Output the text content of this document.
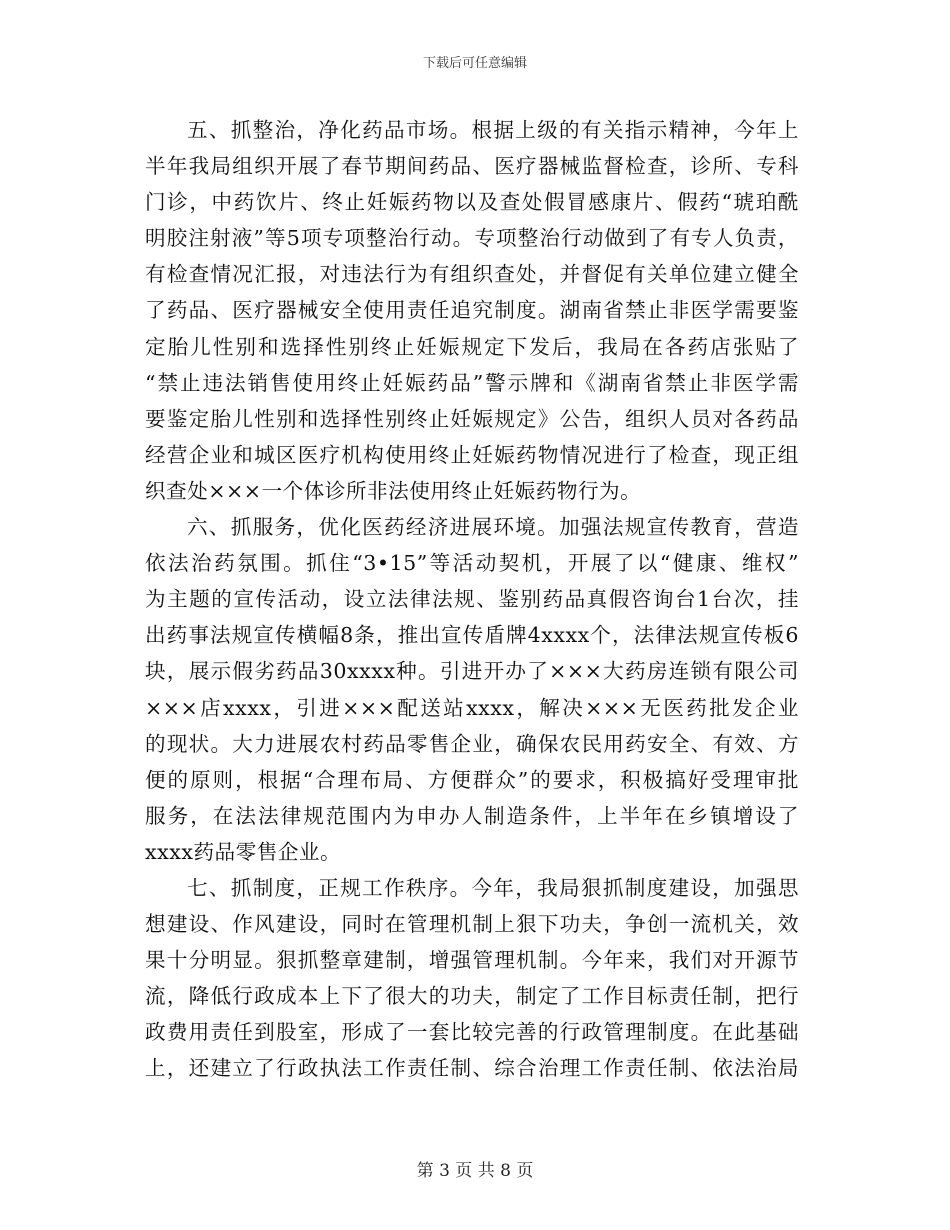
下载后可任意编辑
五、抓整治，净化药品市场。根据上级的有关指示精神，今年上
半年我局组织开展了春节期间药品、医疗器械监督检查，诊所、专科
门诊，中药饮片、终止妊娠药物以及查处假冒感康片、假药“琥珀酰
明胶注射液”等5项专项整治行动。专项整治行动做到了有专人负责，
有检查情况汇报，对违法行为有组织查处，并督促有关单位建立健全
了药品、医疗器械安全使用责任追究制度。湖南省禁止非医学需要鉴
定胎儿性别和选择性别终止妊娠规定下发后，我局在各药店张贴了
“禁止违法销售使用终止妊娠药品”警示牌和《湖南省禁止非医学需
要鉴定胎儿性别和选择性别终止妊娠规定》公告，组织人员对各药品
经营企业和城区医疗机构使用终止妊娠药物情况进行了检查，现正组
织查处×××一个体诊所非法使用终止妊娠药物行为。
六、抓服务，优化医药经济进展环境。加强法规宣传教育，营造
依法治药氛围。抓住“3•15”等活动契机，开展了以“健康、维权”
为主题的宣传活动，设立法律法规、鉴别药品真假咨询台1台次，挂
出药事法规宣传横幅8条，推出宣传盾牌4xxxx个，法律法规宣传板6
块，展示假劣药品30xxxx种。引进开办了×××大药房连锁有限公司
×××店xxxx，引进×××配送站xxxx，解决×××无医药批发企业
的现状。大力进展农村药品零售企业，确保农民用药安全、有效、方
便的原则，根据“合理布局、方便群众”的要求，积极搞好受理审批
服务，在法法律规范围内为申办人制造条件，上半年在乡镇增设了
xxxx药品零售企业。
七、抓制度，正规工作秩序。今年，我局狠抓制度建设，加强思
想建设、作风建设，同时在管理机制上狠下功夫，争创一流机关，效
果十分明显。狠抓整章建制，增强管理机制。今年来，我们对开源节
流，降低行政成本上下了很大的功夫，制定了工作目标责任制，把行
政费用责任到股室，形成了一套比较完善的行政管理制度。在此基础
上，还建立了行政执法工作责任制、综合治理工作责任制、依法治局
第 3 页 共 8 页
